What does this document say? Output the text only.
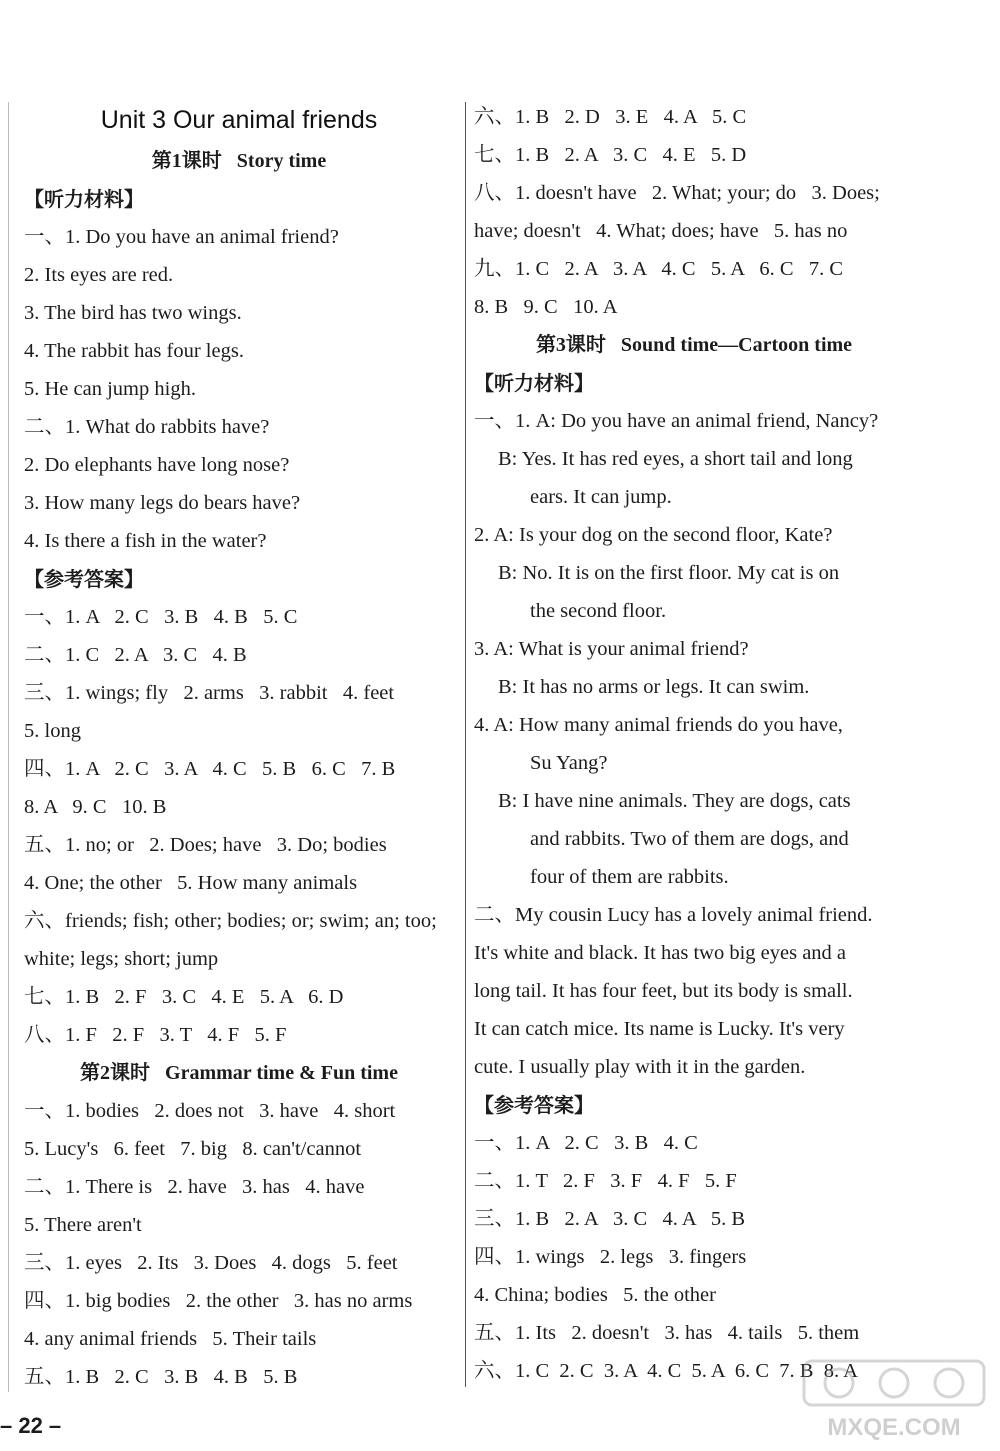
Unit 3 Our animal friends
第1课时   Story time
【听力材料】
一、1. Do you have an animal friend?
2. Its eyes are red.
3. The bird has two wings.
4. The rabbit has four legs.
5. He can jump high.
二、1. What do rabbits have?
2. Do elephants have long nose?
3. How many legs do bears have?
4. Is there a fish in the water?
【参考答案】
一、1. A   2. C   3. B   4. B   5. C
二、1. C   2. A   3. C   4. B
三、1. wings; fly   2. arms   3. rabbit   4. feet
5. long
四、1. A   2. C   3. A   4. C   5. B   6. C   7. B
8. A   9. C   10. B
五、1. no; or   2. Does; have   3. Do; bodies
4. One; the other   5. How many animals
六、friends; fish; other; bodies; or; swim; an; too;
white; legs; short; jump
七、1. B   2. F   3. C   4. E   5. A   6. D
八、1. F   2. F   3. T   4. F   5. F
第2课时   Grammar time & Fun time
一、1. bodies   2. does not   3. have   4. short
5. Lucy's   6. feet   7. big   8. can't/cannot
二、1. There is   2. have   3. has   4. have
5. There aren't
三、1. eyes   2. Its   3. Does   4. dogs   5. feet
四、1. big bodies   2. the other   3. has no arms
4. any animal friends   5. Their tails
五、1. B   2. C   3. B   4. B   5. B
六、1. B   2. D   3. E   4. A   5. C
七、1. B   2. A   3. C   4. E   5. D
八、1. doesn't have   2. What; your; do   3. Does;
have; doesn't   4. What; does; have   5. has no
九、1. C   2. A   3. A   4. C   5. A   6. C   7. C
8. B   9. C   10. A
第3课时   Sound time—Cartoon time
【听力材料】
一、1. A: Do you have an animal friend, Nancy?
B: Yes. It has red eyes, a short tail and long
ears. It can jump.
2. A: Is your dog on the second floor, Kate?
B: No. It is on the first floor. My cat is on
the second floor.
3. A: What is your animal friend?
B: It has no arms or legs. It can swim.
4. A: How many animal friends do you have,
Su Yang?
B: I have nine animals. They are dogs, cats
and rabbits. Two of them are dogs, and
four of them are rabbits.
二、My cousin Lucy has a lovely animal friend.
It's white and black. It has two big eyes and a
long tail. It has four feet, but its body is small.
It can catch mice. Its name is Lucky. It's very
cute. I usually play with it in the garden.
【参考答案】
一、1. A   2. C   3. B   4. C
二、1. T   2. F   3. F   4. F   5. F
三、1. B   2. A   3. C   4. A   5. B
四、1. wings   2. legs   3. fingers
4. China; bodies   5. the other
五、1. Its   2. doesn't   3. has   4. tails   5. them
六、1. C  2. C  3. A  4. C  5. A  6. C  7. B  8. A
– 22 –	MXQE.COM
